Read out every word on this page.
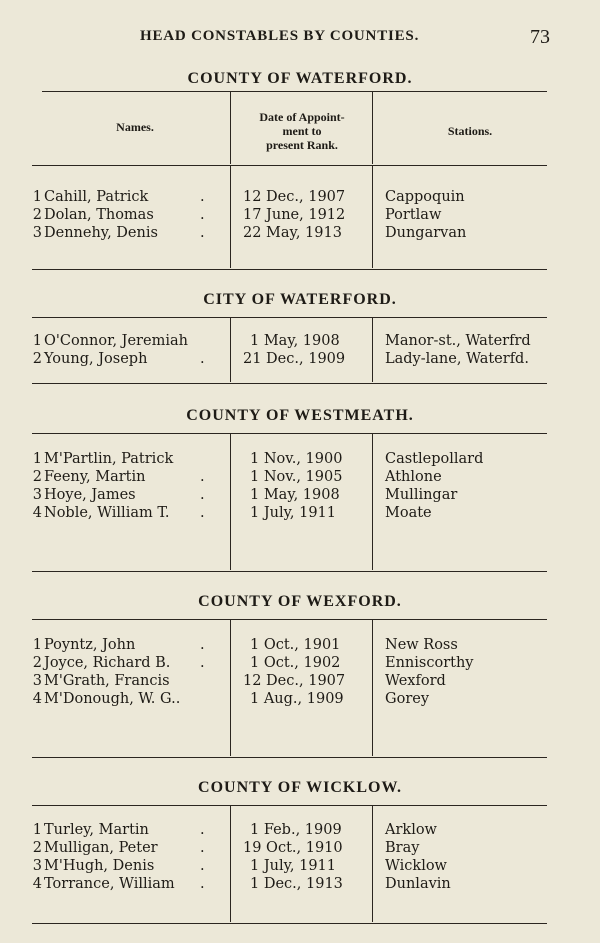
HEAD CONSTABLES BY COUNTIES.	73
COUNTY OF WATERFORD.
Names.
Date of Appoint-
ment to
present Rank.
Stations.
1 Cahill, Patrick	.	12 Dec., 1907	Cappoquin
2 Dolan, Thomas	.	17 June, 1912	Portlaw
3 Dennehy, Denis	.	22 May, 1913	Dungarvan
CITY OF WATERFORD.
1 O'Connor, Jeremiah	1 May, 1908	Manor-st., Waterfrd
2 Young, Joseph	.	21 Dec., 1909	Lady-lane, Waterfd.
COUNTY OF WESTMEATH.
1 M'Partlin, Patrick	1 Nov., 1900	Castlepollard
2 Feeny, Martin	.	1 Nov., 1905	Athlone
3 Hoye, James	.	1 May, 1908	Mullingar
4 Noble, William T. .	1 July, 1911	Moate
COUNTY OF WEXFORD.
1 Poyntz, John	.	1 Oct., 1901	New Ross
2 Joyce, Richard B. .	1 Oct., 1902	Enniscorthy
3 M'Grath, Francis	12 Dec., 1907	Wexford
4 M'Donough, W. G..	1 Aug., 1909	Gorey
COUNTY OF WICKLOW.
1 Turley, Martin	.	1 Feb., 1909	Arklow
2 Mulligan, Peter	.	19 Oct., 1910	Bray
3 M'Hugh, Denis	.	1 July, 1911	Wicklow
4 Torrance, William .	1 Dec., 1913	Dunlavin
